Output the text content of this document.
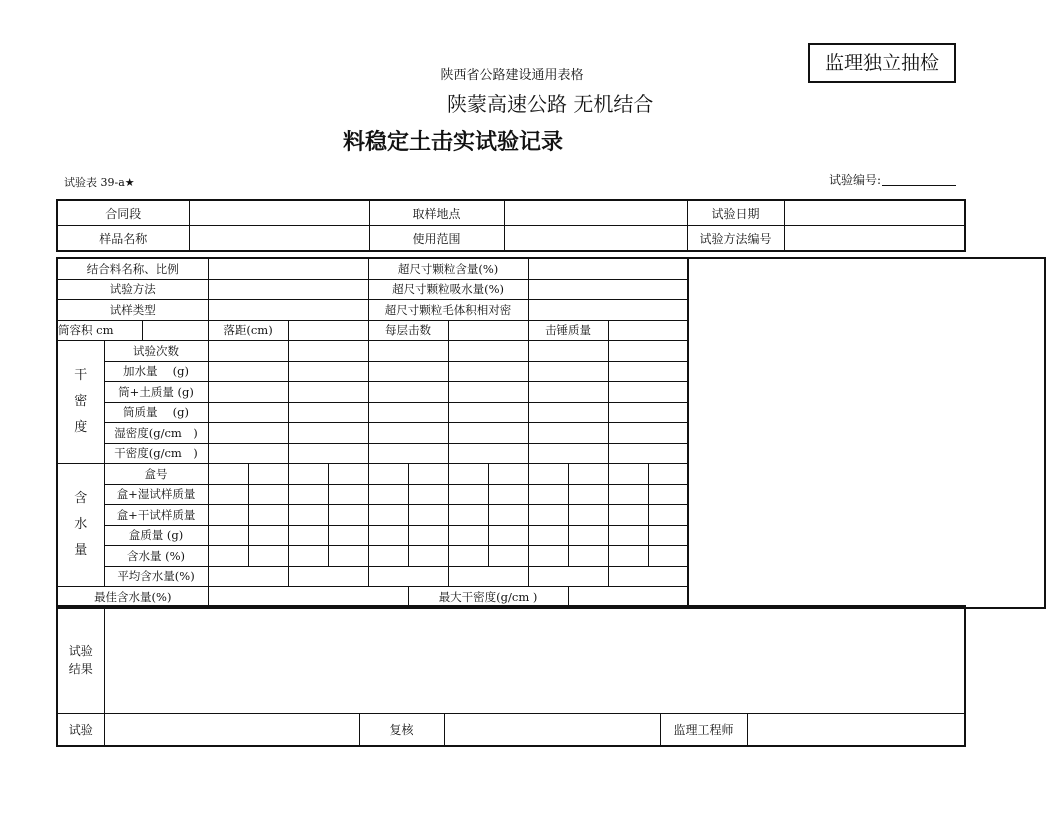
监理独立抽检
陕西省公路建设通用表格
陕蒙高速公路 无机结合
料稳定土击实试验记录
试验表 39-a★	试验编号:
合同段		取样地点		试验日期	
样品名称		使用范围		试验方法编号	
结合料名称、比例							超尺寸颗粒含量(%)								
试验方法							超尺寸颗粒吸水量(%)								
试样类型							超尺寸颗粒毛体积相对密								
筒容积 cm			落距(cm)				每层击数				击锤质量				
干
密
度	试验次数														
	加水量　 (g)														
	筒+土质量 (g)														
	筒质量　 (g)														
	湿密度(g/cm　)														
	干密度(g/cm　)														
含
水
量	盒号														
	盒+湿试样质量														
	盒+干试样质量														
	盒质量 (g)														
	含水量 (%)														
	平均含水量(%)														
最佳含水量(%)								最大干密度(g/cm )							
试验
结果					
试验		复核		监理工程师	
